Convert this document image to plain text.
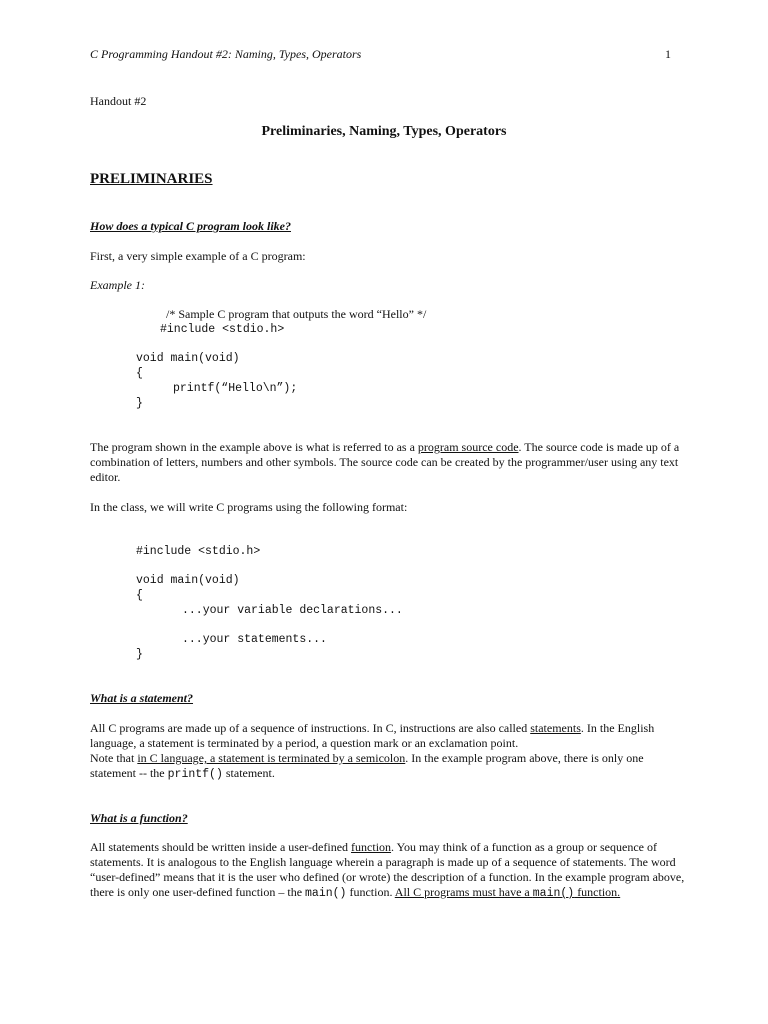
C Programming Handout #2: Naming, Types, Operators	1
Handout #2
Preliminaries, Naming, Types, Operators
PRELIMINARIES
How does a typical C program look like?
First, a very simple example of a C program:
Example 1:
/* Sample C program that outputs the word “Hello” */
#include <stdio.h>
void main(void)
{
printf(“Hello\n”);
}
The program shown in the example above is what is referred to as a program source code. The source code is made up of a combination of letters, numbers and other symbols. The source code can be created by the programmer/user using any text editor.
In the class, we will write C programs using the following format:
#include <stdio.h>
void main(void)
{
...your variable declarations...
...your statements...
}
What is a statement?
All C programs are made up of a sequence of instructions. In C, instructions are also called statements. In the English language, a statement is terminated by a period, a question mark or an exclamation point.
Note that in C language, a statement is terminated by a semicolon. In the example program above, there is only one statement -- the printf() statement.
What is a function?
All statements should be written inside a user-defined function. You may think of a function as a group or sequence of statements. It is analogous to the English language wherein a paragraph is made up of a sequence of statements. The word “user-defined” means that it is the user who defined (or wrote) the description of a function. In the example program above, there is only one user-defined function – the main() function. All C programs must have a main() function.
